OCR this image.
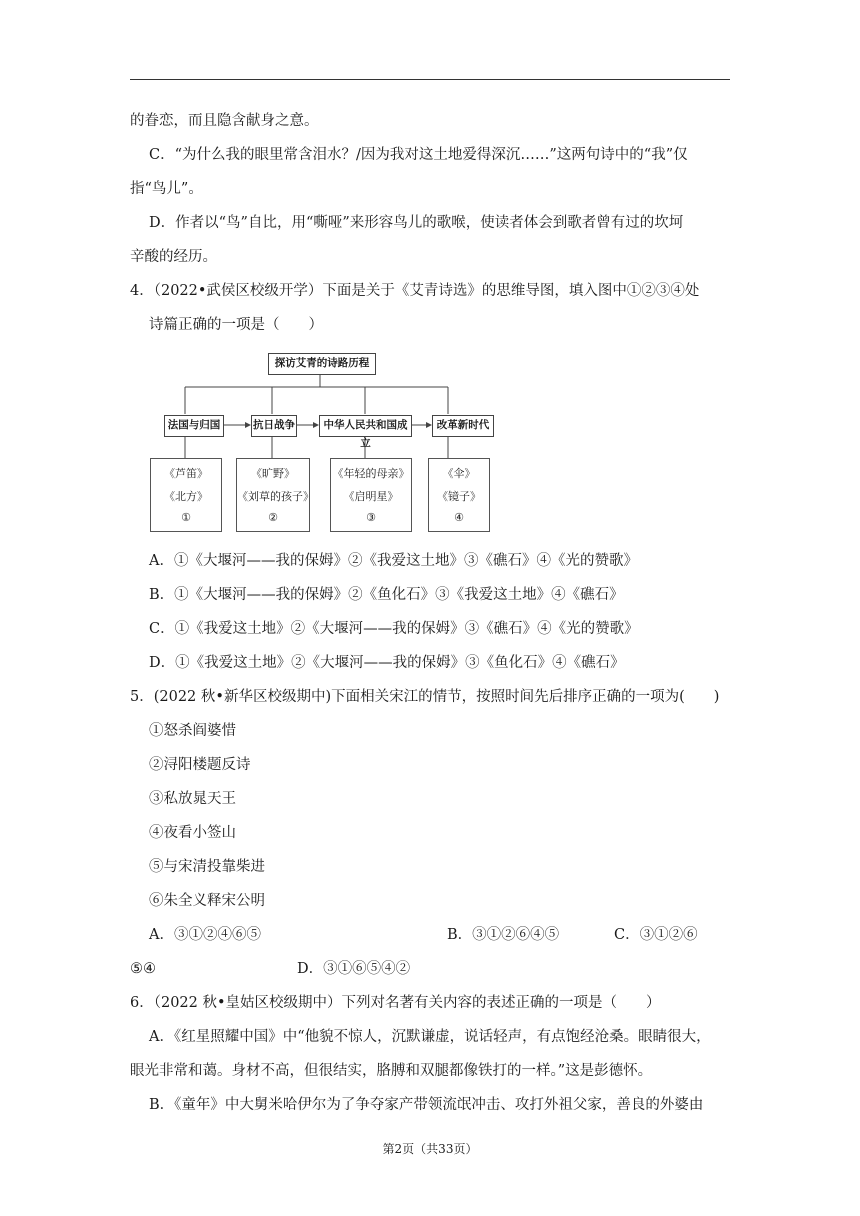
的眷恋，而且隐含献身之意。
C．“为什么我的眼里常含泪水？/因为我对这土地爱得深沉……”这两句诗中的“我”仅
指“鸟儿”。
D．作者以“鸟”自比，用“嘶哑”来形容鸟儿的歌喉，使读者体会到歌者曾有过的坎坷
辛酸的经历。
4．（2022•武侯区校级开学）下面是关于《艾青诗选》的思维导图，填入图中①②③④处
诗篇正确的一项是（　　）
探访艾青的诗路历程
法国与归国	抗日战争	中华人民共和国成立
改革新时代
《芦笛》
《北方》
①
《旷野》
《刘草的孩子》
②
《年轻的母亲》
《启明星》
③
《伞》
《镜子》
④
A．①《大堰河——我的保姆》②《我爱这土地》③《礁石》④《光的赞歌》
B．①《大堰河——我的保姆》②《鱼化石》③《我爱这土地》④《礁石》
C．①《我爱这土地》②《大堰河——我的保姆》③《礁石》④《光的赞歌》
D．①《我爱这土地》②《大堰河——我的保姆》③《鱼化石》④《礁石》
5．(2022 秋•新华区校级期中)下面相关宋江的情节，按照时间先后排序正确的一项为(　　)
①怒杀阎婆惜
②浔阳楼题反诗
③私放晁天王
④夜看小签山
⑤与宋清投靠柴进
⑥朱全义释宋公明
A．③①②④⑥⑤	B．③①②⑥④⑤	C．③①②⑥
⑤④	D．③①⑥⑤④②
6．（2022 秋•皇姑区校级期中）下列对名著有关内容的表述正确的一项是（　　）
A．《红星照耀中国》中“他貌不惊人，沉默谦虚，说话轻声，有点饱经沧桑。眼睛很大，
眼光非常和蔼。身材不高，但很结实，胳膊和双腿都像铁打的一样。”这是彭德怀。
B．《童年》中大舅米哈伊尔为了争夺家产带领流氓冲击、攻打外祖父家，善良的外婆由
第2页（共33页）
